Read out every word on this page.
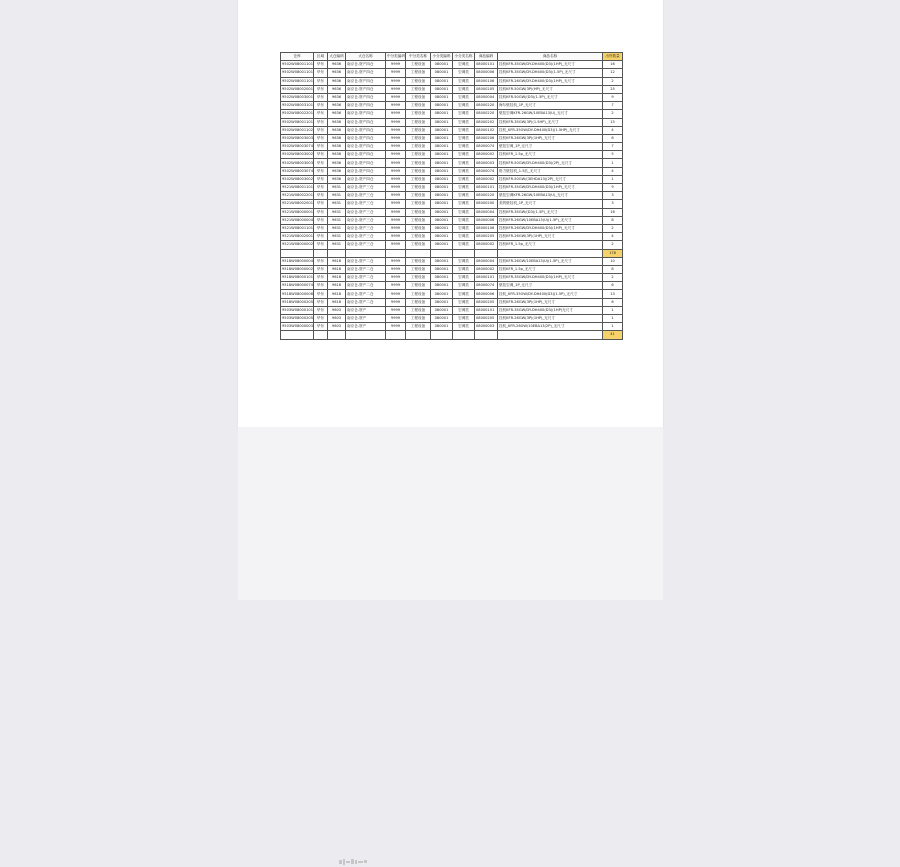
仓库	区域	大仓编码	大仓名称	中分类编码	中分类名称	小分类编码	小分类名称	商品编码	商品名称	出货数量
9502W08001101	华东	9636	南京仓-资产四仓	9999	工程设备	080001	空调类	08000101	挂机KFR-35GW/DY-DH400(D3)(1HP)_无尺寸	16
9502W08001101	华东	9636	南京仓-资产四仓	9999	工程设备	080001	空调类	08000006	挂机KFR-35GW/DY-DH400(D3)(1.5P)_无尺寸	12
9502W08001101	华东	9636	南京仓-资产四仓	9999	工程设备	080001	空调类	08000106	挂机KFR-26GW/DY-DH400(D3)(1HP)_无尺寸	2
9502W08002001	华东	9636	南京仓-资产四仓	9999	工程设备	080001	空调类	08000205	挂机KFR-50GW(3P)(HP)_无尺寸	25
9502W08003001	华东	9636	南京仓-资产四仓	9999	工程设备	080001	空调类	08000004	挂机KFR-50GW/(D3)(1.5P)_无尺寸	9
9502W08003101	华东	9636	南京仓-资产四仓	9999	工程设备	080001	空调类	08000220	海尔壁挂机_1P_无尺寸	7
9502W08002201	华东	9636	南京仓-资产四仓	9999	工程设备	080001	空调类	08000220	壁挂空调KFR-26GW/10EBA13(U)_无尺寸	2
9502W08001101	华东	9636	南京仓-资产四仓	9999	工程设备	080001	空调类	08000202	挂机KFR-35GW(3P)(1.5HP)_无尺寸	15
9502W08001102	华东	9636	南京仓-资产四仓	9999	工程设备	080001	空调类	08000102	挂机_KFR-35GW/DY-DH400(D3)(1.5HP)_无尺寸	4
9502W08003003	华东	9636	南京仓-资产四仓	9999	工程设备	080001	空调类	08000206	挂机KFR-26GW(3P)(1HP)_无尺寸	6
9502W08003074	华东	9636	南京仓-资产四仓	9999	工程设备	080001	空调类	08000074	壁挂空调_1P_无尺寸	7
9502W08003002	华东	9636	南京仓-资产四仓	9999	工程设备	080001	空调类	08000002	挂机KFR_1.5p_无尺寸	5
9502W08003003	华东	9636	南京仓-资产四仓	9999	工程设备	080001	空调类	08000003	挂机KFR-50GW/DY-DH400(D3)(2P)_无尺寸	1
9502W08003074	华东	9636	南京仓-资产四仓	9999	工程设备	080001	空调类	08000074	格力壁挂机_1.5匹_无尺寸	4
9502W08003002	华东	9636	南京仓-资产四仓	9999	工程设备	080001	空调类	08000002	挂机KFR-50GW/(3EHDA13)(2P)_无尺寸	1
9521W08001101	华东	9631	南京仓-资产三仓	9999	工程设备	080001	空调类	08000101	挂机KFR-35GW/DY-DH400(D3)(1HP)_无尺寸	9
9521W08002201	华东	9631	南京仓-资产三仓	9999	工程设备	080001	空调类	08000220	壁挂空调KFR-26GW/10EBA13(U)_无尺寸	3
9521W08002001	华东	9631	南京仓-资产三仓	9999	工程设备	080001	空调类	08000200	美的壁挂机_1P_无尺寸	3
9521W08000001	华东	9631	南京仓-资产三仓	9999	工程设备	080001	空调类	08000004	挂机KFR-35GW/(D3)(1.5P)_无尺寸	16
9521W08000004	华东	9631	南京仓-资产三仓	9999	工程设备	080001	空调类	08000006	挂机KFR-26GW/10EBA13(U)(1.5P)_无尺寸	8
9521W08001101	华东	9631	南京仓-资产三仓	9999	工程设备	080001	空调类	08000106	挂机KFR-26GW/DY-DH400(D3)(1HP)_无尺寸	2
9521W08002001	华东	9631	南京仓-资产三仓	9999	工程设备	080001	空调类	08000205	挂机KFR-26GW(3P)(1HP)_无尺寸	4
9521W08000002	华东	9631	南京仓-资产三仓	9999	工程设备	080001	空调类	08000002	挂机KFR_1.5p_无尺寸	2
										178
9518W08000004	华东	9618	南京仓-资产二仓	9999	工程设备	080001	空调类	08000004	挂机KFR-26GW/10EBA13(U)(1.5P)_无尺寸	10
9518W08000002	华东	9618	南京仓-资产二仓	9999	工程设备	080001	空调类	08000002	挂机KFR_1.5p_无尺寸	8
9518W08000101	华东	9618	南京仓-资产二仓	9999	工程设备	080001	空调类	08000101	挂机KFR-35GW/DY-DH400(D3)(1HP)_无尺寸	2
9518W08000074	华东	9618	南京仓-资产二仓	9999	工程设备	080001	空调类	08000074	壁挂空调_1P_无尺寸	6
9518W08000006	华东	9618	南京仓-资产二仓	9999	工程设备	080001	空调类	08000006	挂机_KFR-35GW/DY-DH400(D3)(1.5P)_无尺寸	13
9518W08000205	华东	9618	南京仓-资产二仓	9999	工程设备	080001	空调类	08000205	挂机KFR-26GW(3P)(1HP)_无尺寸	6
9503W08000101	华东	9603	南京仓-资产	9999	工程设备	080001	空调类	08000101	挂机KFR-35GW/DY-DH400(D3)(1HP)无尺寸	1
9503W08000205	华东	9603	南京仓-资产	9999	工程设备	080001	空调类	08000205	挂机KFR-26GW(3P)(1HP)_无尺寸	1
9503W08000003	华东	9603	南京仓-资产	9999	工程设备	080001	空调类	08000003	挂机_KFR-26GW/10EBA13(2P)_无尺寸	1
										41
